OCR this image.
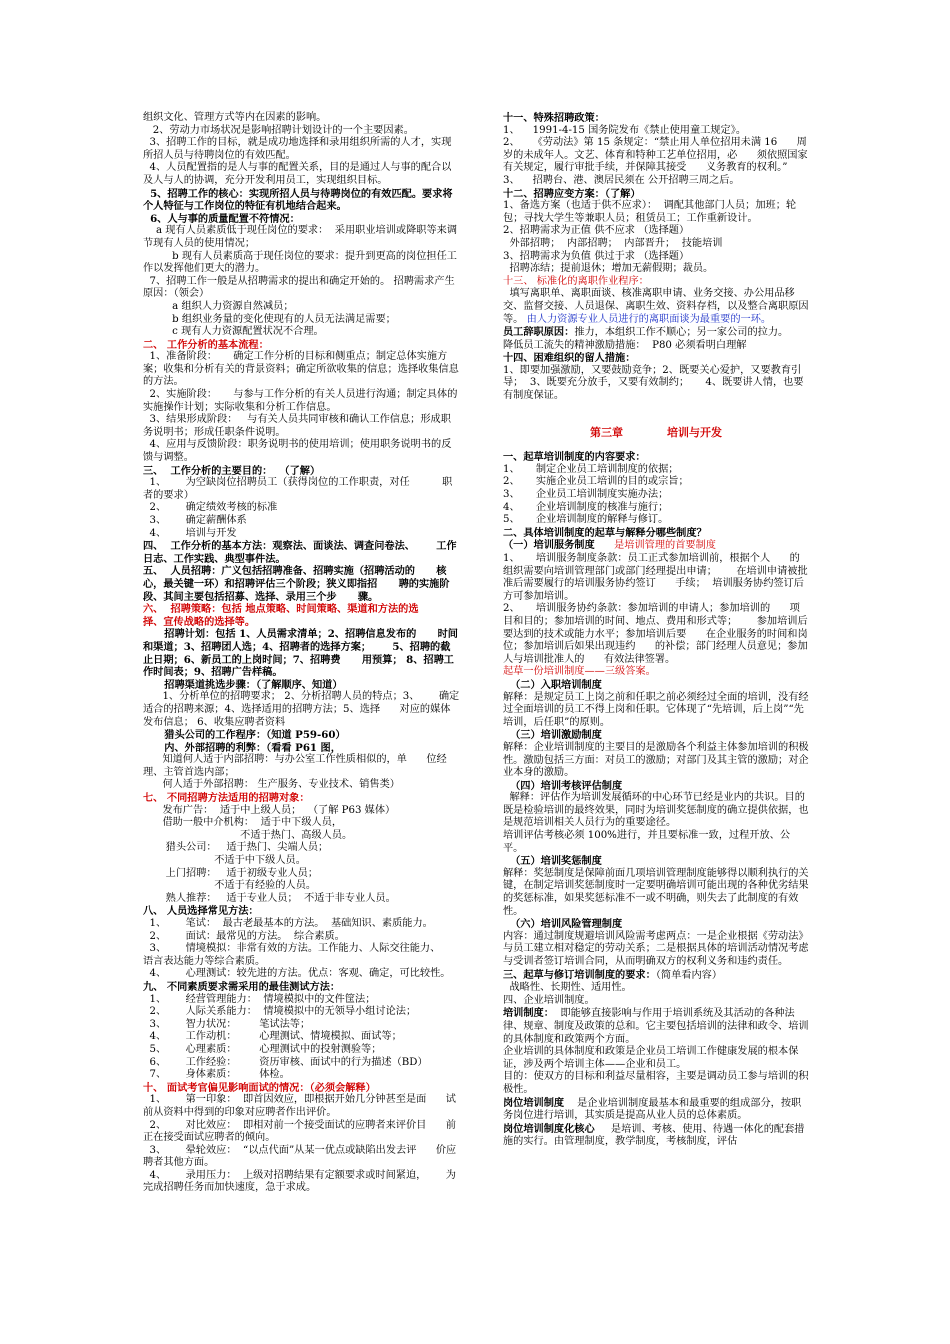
组织文化、管理方式等内在因素的影响。
2、劳动力市场状况是影响招聘计划设计的一个主要因素。
3、招聘工作的目标，就是成功地选择和录用组织所需的人才，实现所招人员与待聘岗位的有效匹配。
4、人员配置指的是人与事的配置关系，目的是通过人与事的配合以及人与人的协调，充分开发利用员工，实现组织目标。
5、招聘工作的核心：实现所招人员与待聘岗位的有效匹配。要求将个人特征与工作岗位的特征有机地结合起来。
6、人与事的质量配置不符情况：
a 现有人员素质低于现任岗位的要求：  采用职业培训或降职等来调节现有人员的使用情况；
b 现有人员素质高于现任岗位的要求：提升到更高的岗位担任工作以发挥他们更大的潜力。
7、招聘工作一般是从招聘需求的提出和确定开始的。 招聘需求产生原因：（领会）
a 组织人力资源自然减员；
b 组织业务量的变化使现有的人员无法满足需要；
c 现有人力资源配置状况不合理。
二、 工作分析的基本流程：
1、准备阶段：     确定工作分析的目标和侧重点；制定总体实施方案；收集和分析有关的背景资料；确定所欲收集的信息；选择收集信息的方法。
2、实施阶段：     与参与工作分析的有关人员进行沟通；制定具体的实施操作计划；实际收集和分析工作信息。
3、结果形成阶段：   与有关人员共同审核和确认工作信息；形成职务说明书；形成任职条件说明。
4、应用与反馈阶段：职务说明书的使用培训；使用职务说明书的反馈与调整。
三、  工作分析的主要目的：  （了解）
1、      为空缺岗位招聘员工（获得岗位的工作职责，对任          职者的要求）
2、      确定绩效考核的标准
3、      确定薪酬体系
4、      培训与开发
四、  工作分析的基本方法：观察法、面谈法、调查问卷法、      工作日志、工作实践、典型事件法。
五、  人员招聘：广义包括招聘准备、招聘实施（招聘活动的      核心，最关键一环）和招聘评估三个阶段；狭义即指招      聘的实施阶段、其间主要包括招募、选择、录用三个步      骤。
六、  招聘策略：包括 地点策略、时间策略、渠道和方法的选      择、宣传战略的选择等。
招聘计划：包括 1、人员需求清单；2、招聘信息发布的      时间和渠道；3、招聘团人选；4、招聘者的选择方案；      5、招聘的截止日期；6、新员工的上岗时间；7、招聘费      用预算； 8、招聘工作时间表；9、招聘广告样稿。
招聘渠道挑选步骤：（了解顺序、知道）
1、分析单位的招聘要求； 2、分析招聘人员的特点；3、      确定适合的招聘来源；4、选择适用的招聘方法；5、选择      对应的媒体发布信息； 6、收集应聘者资料
猎头公司的工作程序：（知道 P59-60）
内、外部招聘的利弊：（看看 P61 图，
知道何人适于内部招聘：与办公室工作性质相似的，单      位经理、主管首选内部；
何人适于外部招聘： 生产服务、专业技术、销售类）
七、 不同招聘方法适用的招聘对象：
发布广告：  适于中上级人员；  （了解 P63 媒体）
借助一般中介机构：  适于中下级人员，
不适于热门、高级人员。
猎头公司：   适于热门、尖端人员；
不适于中下级人员。
上门招聘：   适于初级专业人员；
不适于有经验的人员。
熟人推荐：   适于专业人员；  不适于非专业人员。
八、 人员选择常见方法：
1、      笔试：  最古老最基本的方法。  基础知识、素质能力。
2、      面试：最常见的方法。  综合素质。
3、      情境模拟：非常有效的方法。工作能力、人际交往能力、      语言表达能力等综合素质。
4、      心理测试：较先进的方法。优点：客观、确定，可比较性。
九、 不同素质要求需采用的最佳测试方法：
1、      经营管理能力：  情境模拟中的文件筐法；
2、      人际关系能力：  情境模拟中的无领导小组讨论法；
3、      智力状况：       笔试法等；
4、      工作动机：       心理测试、情境模拟、面试等；
5、      心理素质：       心理测试中的投射测验等；
6、      工作经验：       资历审核、面试中的行为描述（BD）
7、      身体素质：       体检。
十、 面试考官偏见影响面试的情况：（必须会解释）
1、      第一印象：  即首因效应，即根据开始几分钟甚至是面      试前从资料中得到的印象对应聘者作出评价。
2、      对比效应：  即相对前一个接受面试的应聘者来评价目      前正在接受面试应聘者的倾向。
3、      晕轮效应：  “以点代面”从某一优点或缺陷出发去评      价应聘者其他方面。
4、      录用压力：  上级对招聘结果有定额要求或时间紧迫，      为完成招聘任务而加快速度，急于求成。
十一、特殊招聘政策：
1、    1991-4-15 国务院发布《禁止使用童工规定》。
2、    《劳动法》第 15 条规定：“禁止用人单位招用未满 16      周岁的未成年人。文艺、体育和特种工艺单位招用，必      须依照国家有关规定，履行审批手续，并保障其接受      义务教育的权利。”
3、    招聘台、港、澳居民须在 公开招聘三周之后。
十二、招聘应变方案：（了解）
1、备选方案（也适于供不应求）：  调配其他部门人员；加班；轮包；寻找大学生等兼职人员；租赁员工；工作重新设计。
2、招聘需求为正值 供不应求 （选择题）
外部招聘；  内部招聘；  内部晋升；  技能培训
3、招聘需求为负值 供过于求 （选择题）
招聘冻结；提前退休；增加无薪假期；裁员。
十三、 标准化的离职作业程序：
填写离职单、离职面谈、核准离职申请、业务交接、办公用品移交、监督交接、人员退保、离职生效、资料存档，以及整合离职原因等。 由人力资源专业人员进行的离职面谈为最重要的一环。
员工辞职原因：推力，本组织工作不顺心；另一家公司的拉力。
降低员工流失的精神激励措施：  P80 必须看明白理解
十四、困难组织的留人措施：
1、即要加强激励，又要鼓励竞争；2、既要关心爱护，又要教育引导；  3、既要充分放手，又要有效制约；     4、既要讲人情，也要有制度保证。
第三章	培训与开发
一、起草培训制度的内容要求：
1、     制定企业员工培训制度的依据；
2、     实施企业员工培训的目的或宗旨；
3、     企业员工培训制度实施办法；
4、     企业培训制度的核准与施行；
5、     企业培训制度的解释与修订。
二、具体培训制度的起草与解释分哪些制度？
（一）培训服务制度 是培训管理的首要制度
1、     培训服务制度条款：员工正式参加培训前，根据个人      的组织需要向培训管理部门或部门经理提出申请；      在培训申请被批准后需要履行的培训服务协约签订      手续；  培训服务协约签订后方可参加培训。
2、     培训服务协约条款：参加培训的申请人；参加培训的      项目和目的；参加培训的时间、地点、费用和形式等；      参加培训后要达到的技术或能力水平；参加培训后要      在企业服务的时间和岗位；参加培训后如果出现违约      的补偿；部门经理人员意见；参加人与培训批准人的      有效法律签署。
起草一份培训制度——三级答案。
（二）入职培训制度
解释：是规定员工上岗之前和任职之前必须经过全面的培训，没有经过全面培训的员工不得上岗和任职。它体现了“先培训，后上岗”“先培训，后任职”的原则。
（三）培训激励制度
解释：企业培训制度的主要目的是激励各个利益主体参加培训的积极性。激励包括三方面：对员工的激励；对部门及其主管的激励；对企业本身的激励。
（四）培训考核评估制度
解释：评估作为培训发展循环的中心环节已经是业内的共识。目的既是检验培训的最终效果，同时为培训奖惩制度的确立提供依据，也是规范培训相关人员行为的重要途径。
培训评估考核必须 100%进行，并且要标准一致，过程开放、公平。
（五）培训奖惩制度
解释：奖惩制度是保障前面几项培训管理制度能够得以顺利执行的关键，在制定培训奖惩制度时一定要明确培训可能出现的各种优劣结果的奖惩标准，如果奖惩标准不一或不明确，则失去了此制度的有效性。
（六）培训风险管理制度
内容：通过制度规避培训风险需考虑两点：一是企业根据《劳动法》与员工建立相对稳定的劳动关系；二是根据具体的培训活动情况考虑与受训者签订培训合同，从而明确双方的权利义务和违约责任。
三、起草与修订培训制度的要求：（简单看内容）
战略性、长期性、适用性。
四、企业培训制度。
培训制度：  即能够直接影响与作用于培训系统及其活动的各种法律、规章、制度及政策的总和。它主要包括培训的法律和政令、培训的具体制度和政策两个方面。
企业培训的具体制度和政策是企业员工培训工作健康发展的根本保证，涉及两个培训主体——企业和员工。
目的：使双方的目标和利益尽量相容，主要是调动员工参与培训的积极性。
岗位培训制度    是企业培训制度最基本和最重要的组成部分，按职务岗位进行培训，其实质是提高从业人员的总体素质。
岗位培训制度化核心     是培训、考核、使用、待遇一体化的配套措施的实行。由管理制度，教学制度，考核制度，评估
